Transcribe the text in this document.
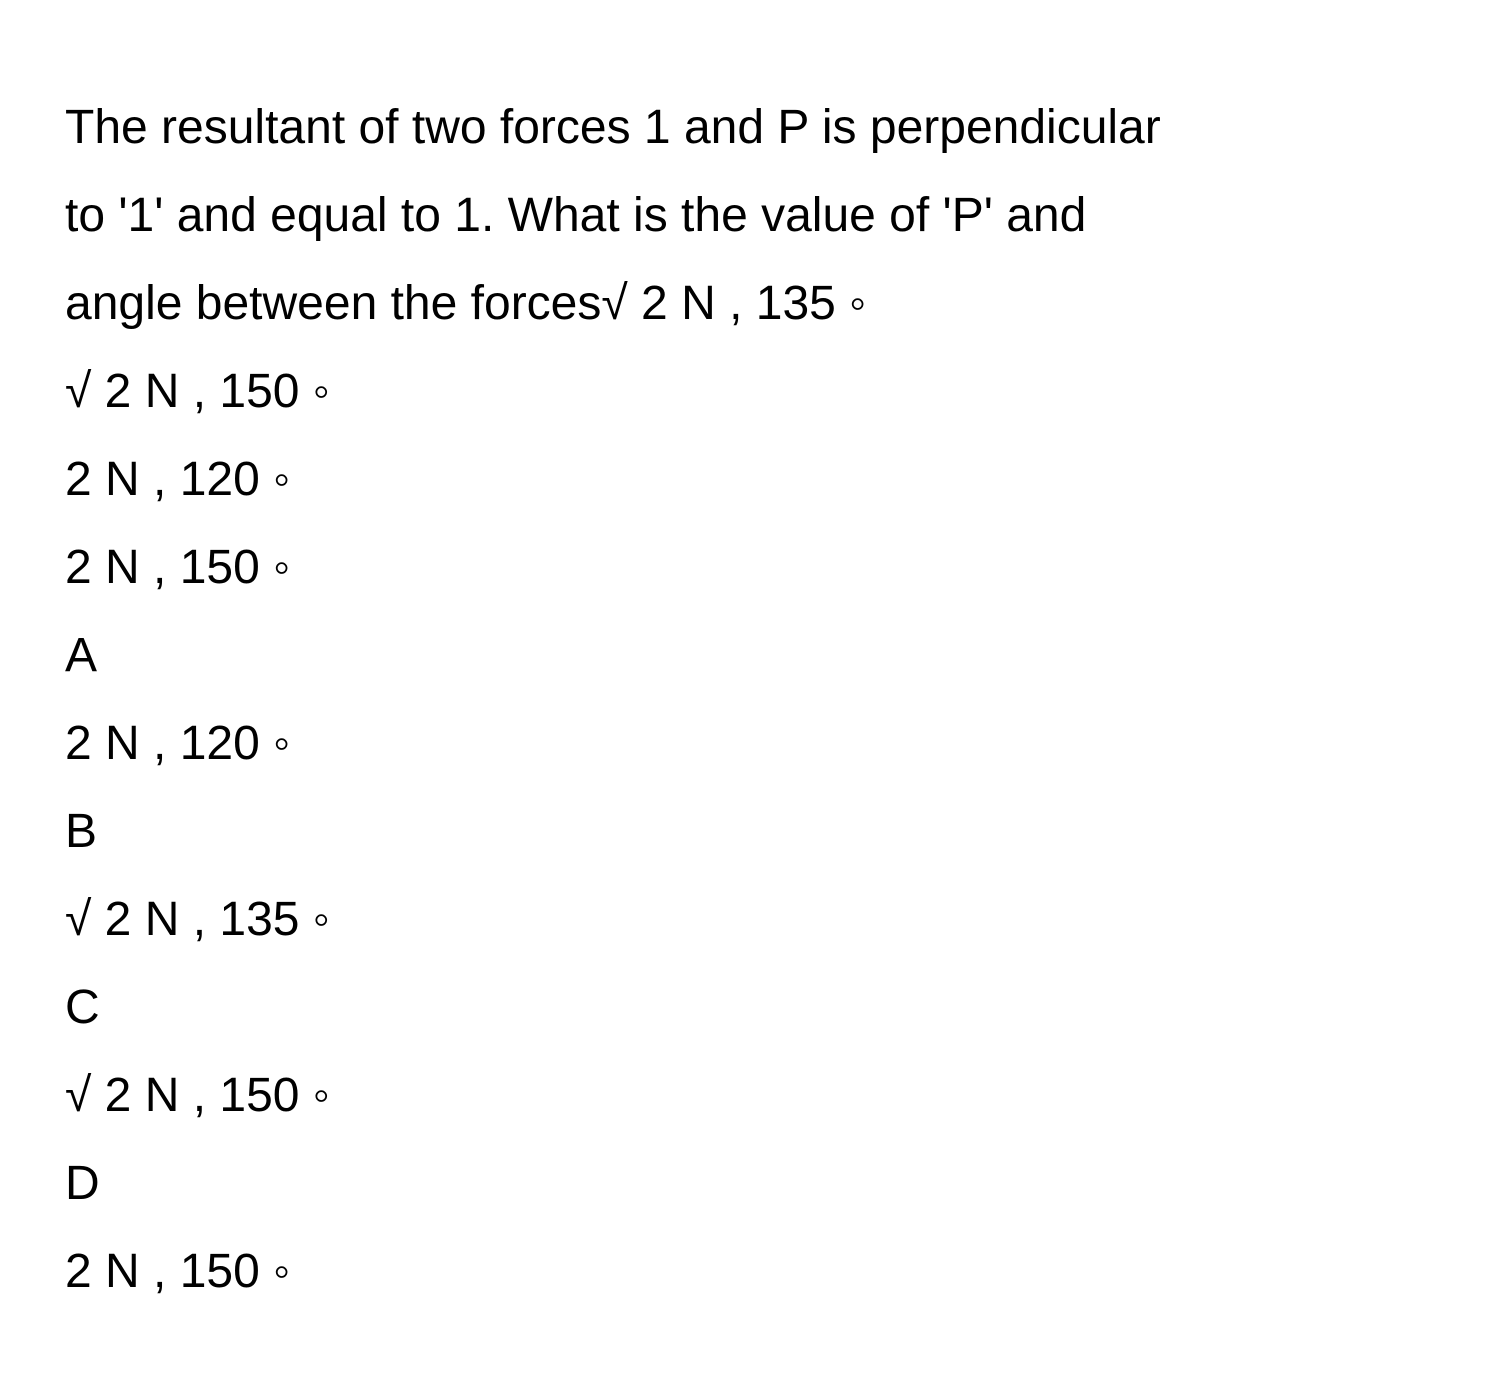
The resultant of two forces 1 and P is perpendicular
to '1' and equal to 1. What is the value of 'P' and
angle between the forces√ 2 N , 135 ◦
√ 2 N , 150 ◦
2 N , 120 ◦
2 N , 150 ◦
A
2 N , 120 ◦
B
√ 2 N , 135 ◦
C
√ 2 N , 150 ◦
D
2 N , 150 ◦
